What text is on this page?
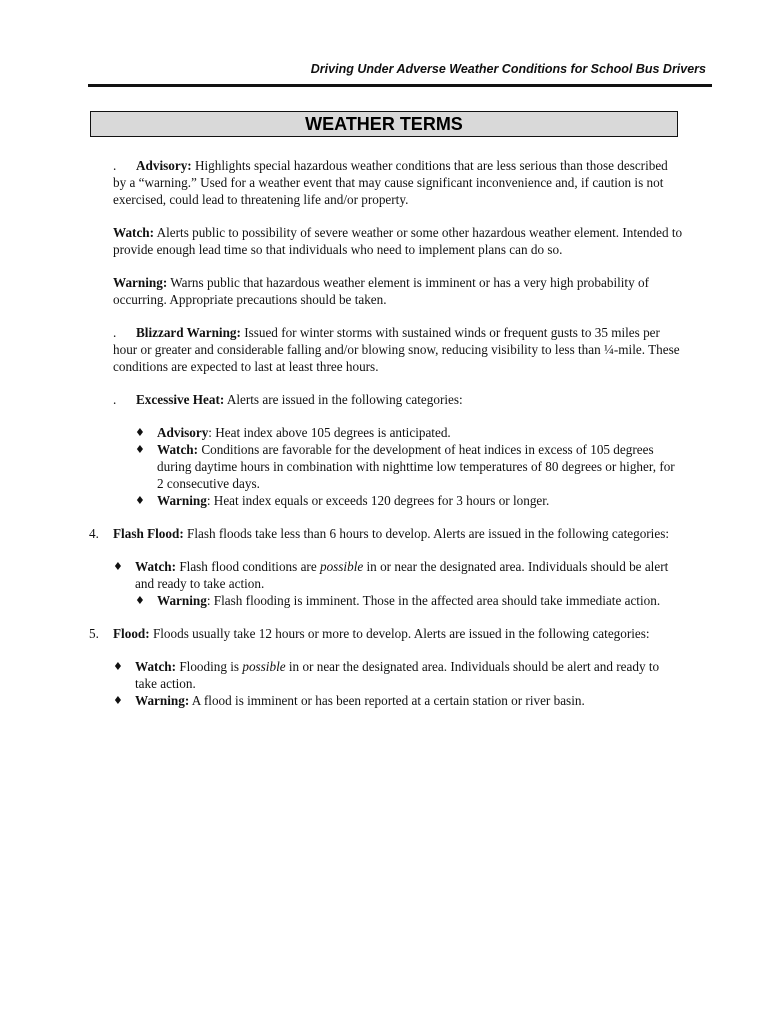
Driving Under Adverse Weather Conditions for School Bus Drivers
WEATHER TERMS

. Advisory: Highlights special hazardous weather conditions that are less serious than those described by a “warning.” Used for a weather event that may cause significant inconvenience and, if caution is not exercised, could lead to threatening life and/or property.

Watch: Alerts public to possibility of severe weather or some other hazardous weather element. Intended to provide enough lead time so that individuals who need to implement plans can do so.

Warning: Warns public that hazardous weather element is imminent or has a very high probability of occurring. Appropriate precautions should be taken.

. Blizzard Warning: Issued for winter storms with sustained winds or frequent gusts to 35 miles per hour or greater and considerable falling and/or blowing snow, reducing visibility to less than ¼-mile. These conditions are expected to last at least three hours.

. Excessive Heat: Alerts are issued in the following categories:

♦ Advisory: Heat index above 105 degrees is anticipated.
♦ Watch: Conditions are favorable for the development of heat indices in excess of 105 degrees during daytime hours in combination with nighttime low temperatures of 80 degrees or higher, for 2 consecutive days.
♦ Warning: Heat index equals or exceeds 120 degrees for 3 hours or longer.
4. Flash Flood: Flash floods take less than 6 hours to develop. Alerts are issued in the following categories:
♦ Watch: Flash flood conditions are possible in or near the designated area. Individuals should be alert and ready to take action.
♦ Warning: Flash flooding is imminent. Those in the affected area should take immediate action.
5. Flood: Floods usually take 12 hours or more to develop. Alerts are issued in the following categories:
♦ Watch: Flooding is possible in or near the designated area. Individuals should be alert and ready to take action.
♦ Warning: A flood is imminent or has been reported at a certain station or river basin.
